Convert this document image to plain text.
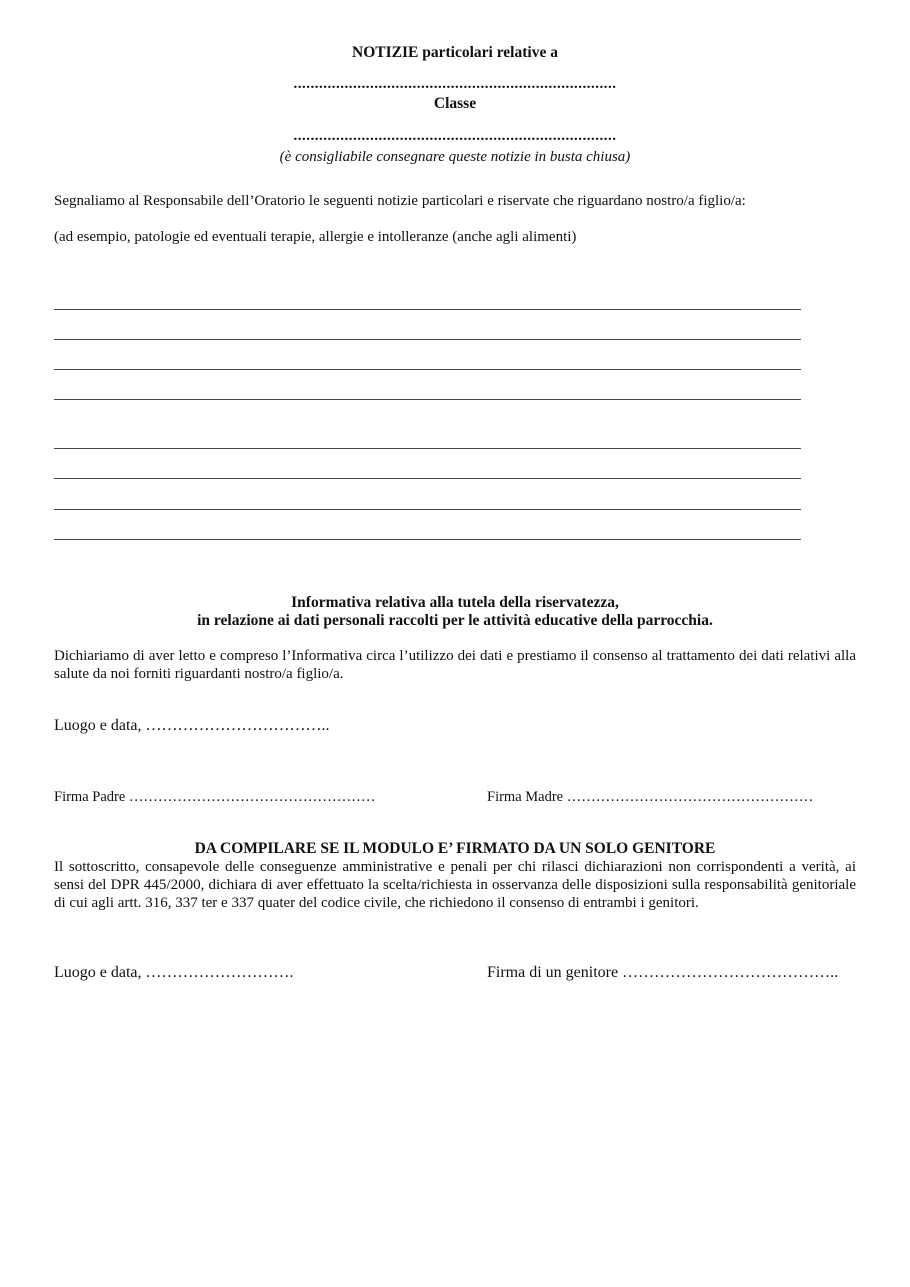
NOTIZIE particolari relative a
............................................................................
Classe
............................................................................
(è consigliabile consegnare queste notizie in busta chiusa)
Segnaliamo al Responsabile dell’Oratorio le seguenti notizie particolari e riservate che riguardano nostro/a figlio/a:
(ad esempio, patologie ed eventuali terapie, allergie e intolleranze (anche agli alimenti)
Informativa relativa alla tutela della riservatezza,
in relazione ai dati personali raccolti per le attività educative della parrocchia.
Dichiariamo di aver letto e compreso l’Informativa circa l’utilizzo dei dati e prestiamo il consenso al trattamento dei dati relativi alla salute da noi forniti riguardanti nostro/a figlio/a.
Luogo e data, ……………………………..
Firma Padre ……………………………………………	Firma Madre ……………………………………………
DA COMPILARE SE IL MODULO E’ FIRMATO DA UN SOLO GENITORE
Il sottoscritto, consapevole delle conseguenze amministrative e penali per chi rilasci dichiarazioni non corrispondenti a verità, ai sensi del DPR 445/2000, dichiara di aver effettuato la scelta/richiesta in osservanza delle disposizioni sulla responsabilità genitoriale di cui agli artt. 316, 337 ter e 337 quater del codice civile, che richiedono il consenso di entrambi i genitori.
Luogo e data, ……………………….	Firma di un genitore …………………………………..
